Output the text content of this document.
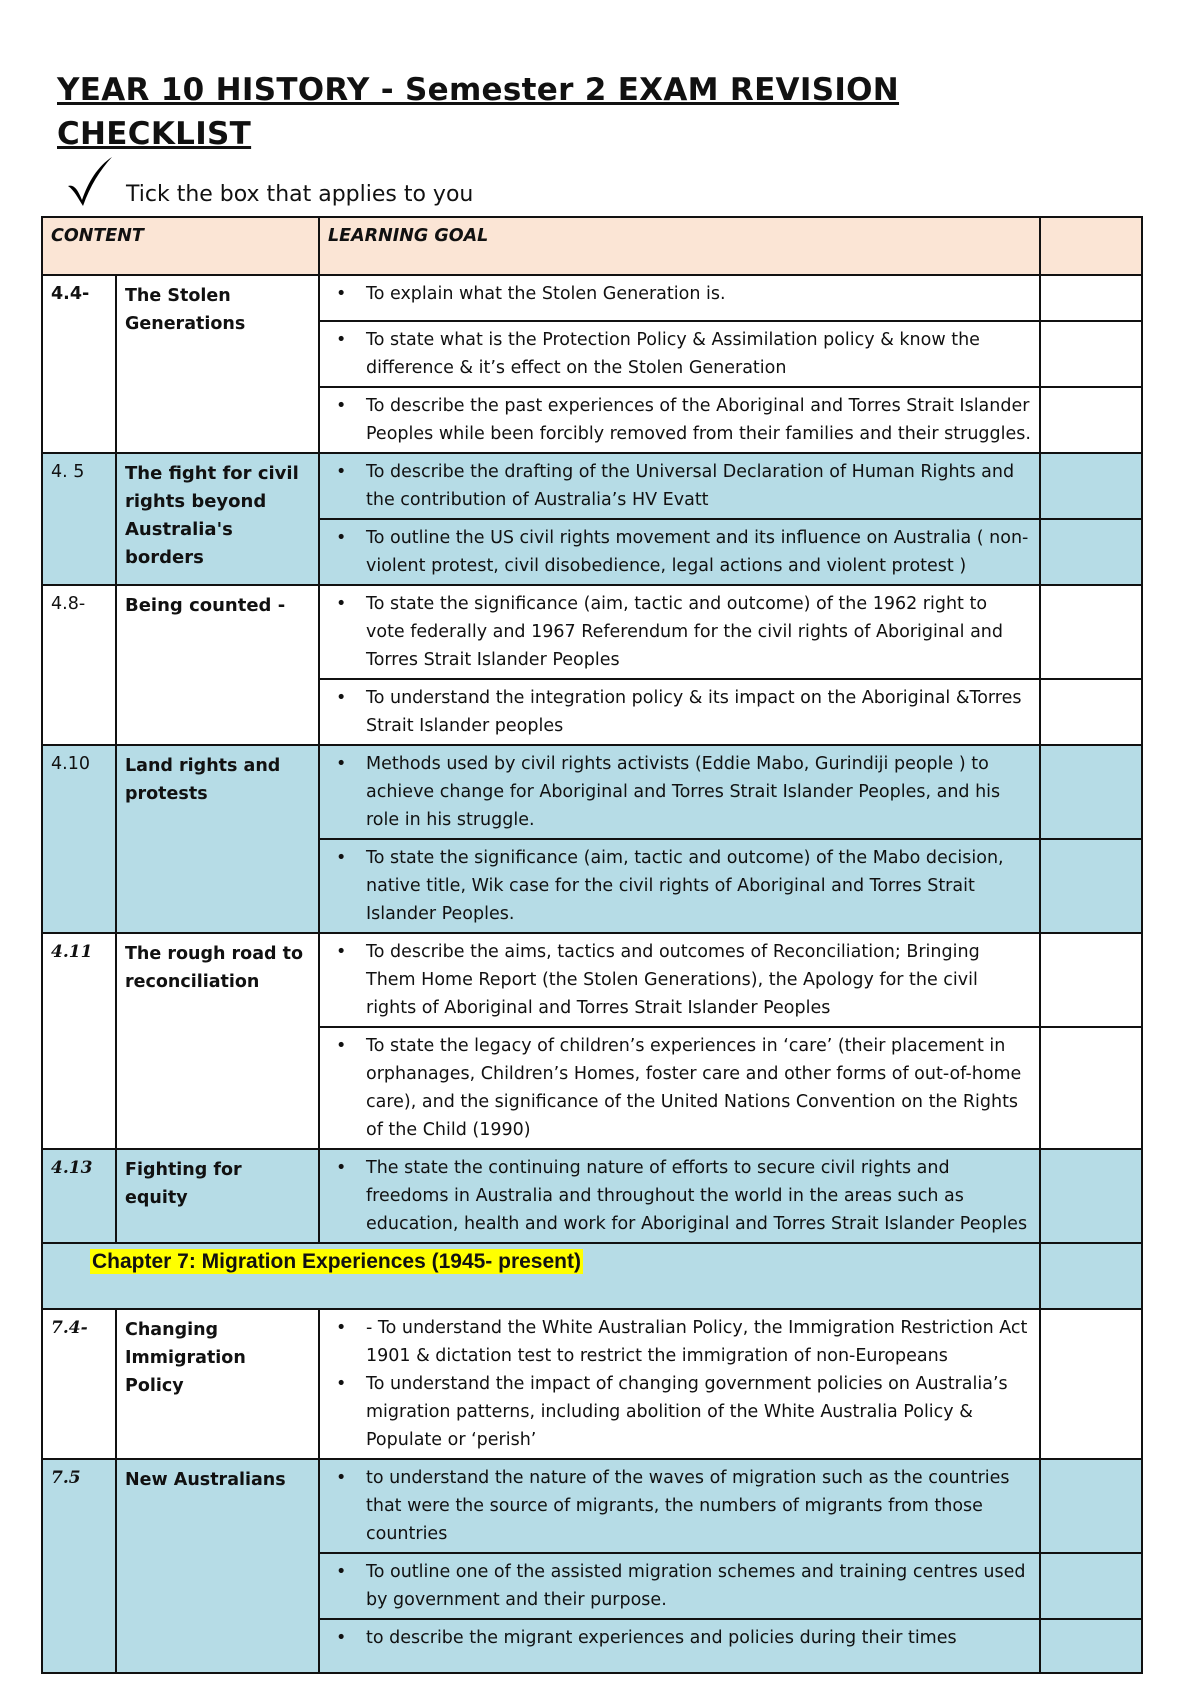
YEAR 10 HISTORY - Semester 2 EXAM REVISION CHECKLIST
Tick the box that applies to you
CONTENT		LEARNING GOAL	
4.4-	The Stolen Generations	• To explain what the Stolen Generation is.	

		• To state what is the Protection Policy & Assimilation policy & know the difference & it’s effect on the Stolen Generation	

		• To describe the past experiences of the Aboriginal and Torres Strait Islander Peoples while been forcibly removed from their families and their struggles.	

4. 5	The fight for civil rights beyond Australia's borders	• To describe the drafting of the Universal Declaration of Human Rights and the contribution of Australia’s HV Evatt	

		• To outline the US civil rights movement and its influence on Australia ( non-violent protest, civil disobedience, legal actions and violent protest )	

4.8-	Being counted -	• To state the significance (aim, tactic and outcome) of the 1962 right to vote federally and 1967 Referendum for the civil rights of Aboriginal and Torres Strait Islander Peoples	

		• To understand the integration policy & its impact on the Aboriginal &Torres Strait Islander peoples	

4.10	Land rights and protests	• Methods used by civil rights activists (Eddie Mabo, Gurindiji people ) to achieve change for Aboriginal and Torres Strait Islander Peoples, and his role in his struggle.	

		• To state the significance (aim, tactic and outcome) of the Mabo decision, native title, Wik case for the civil rights of Aboriginal and Torres Strait Islander Peoples.	

4.11	The rough road to reconciliation	• To describe the aims, tactics and outcomes of Reconciliation; Bringing Them Home Report (the Stolen Generations), the Apology for the civil rights of Aboriginal and Torres Strait Islander Peoples	

		• To state the legacy of children’s experiences in ‘care’ (their placement in orphanages, Children’s Homes, foster care and other forms of out-of-home care), and the significance of the United Nations Convention on the Rights of the Child (1990)	

4.13	Fighting for equity	• The state the continuing nature of efforts to secure civil rights and freedoms in Australia and throughout the world in the areas such as education, health and work for Aboriginal and Torres Strait Islander Peoples	

Chapter 7: Migration Experiences (1945- present)			
7.4-	Changing Immigration Policy	• - To understand the White Australian Policy, the Immigration Restriction Act 1901 & dictation test to restrict the immigration of non-Europeans
• To understand the impact of changing government policies on Australia’s migration patterns, including abolition of the White Australia Policy & Populate or ‘perish’	

7.5	New Australians	• to understand the nature of the waves of migration such as the countries that were the source of migrants, the numbers of migrants from those countries	

		• To outline one of the assisted migration schemes and training centres used by government and their purpose.	

		• to describe the migrant experiences and policies during their times	
